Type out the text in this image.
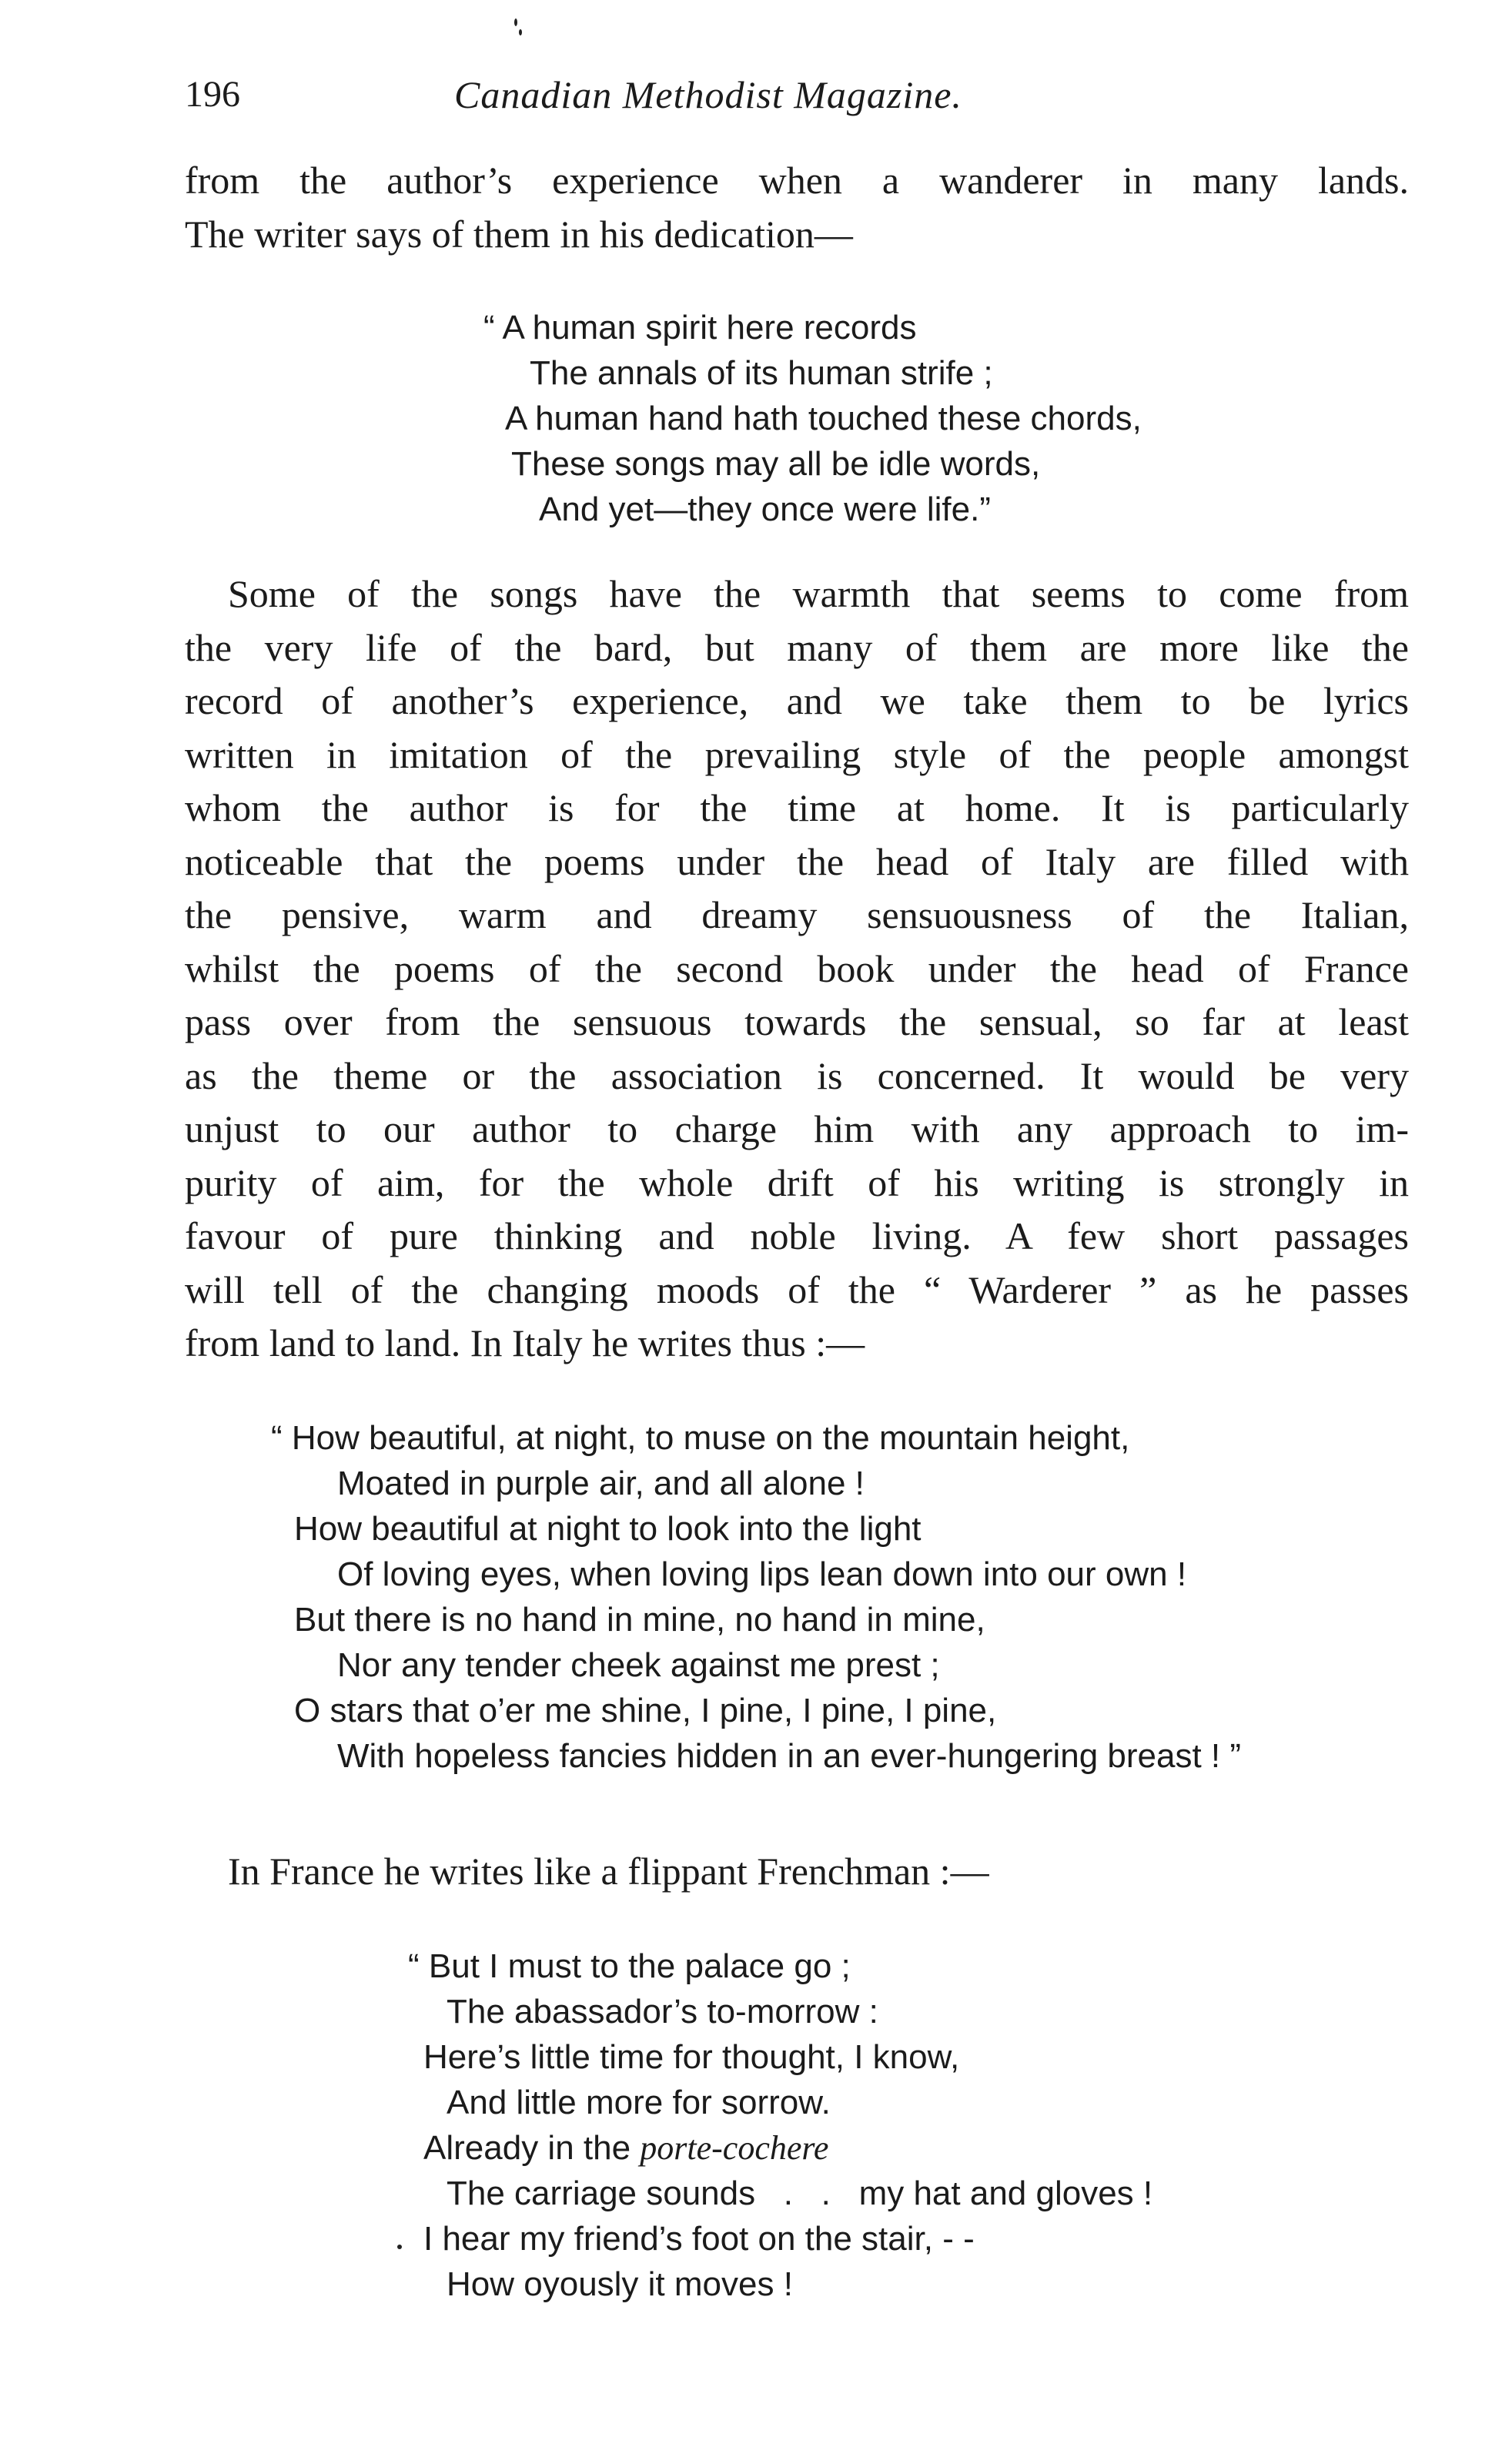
196	Canadian Methodist Magazine.
from the author’s experience when a wanderer in many lands.
The writer says of them in his dedication—
“ A human spirit here records
The annals of its human strife ;
A human hand hath touched these chords,
These songs may all be idle words,
And yet—they once were life.”
Some of the songs have the warmth that seems to come from
the very life of the bard, but many of them are more like the
record of another’s experience, and we take them to be lyrics
written in imitation of the prevailing style of the people amongst
whom the author is for the time at home. It is particularly
noticeable that the poems under the head of Italy are filled with
the pensive, warm and dreamy sensuousness of the Italian,
whilst the poems of the second book under the head of France
pass over from the sensuous towards the sensual, so far at least
as the theme or the association is concerned. It would be very
unjust to our author to charge him with any approach to im-
purity of aim, for the whole drift of his writing is strongly in
favour of pure thinking and noble living. A few short passages
will tell of the changing moods of the “ Warderer ” as he passes
from land to land. In Italy he writes thus :—
“ How beautiful, at night, to muse on the mountain height,
Moated in purple air, and all alone !
How beautiful at night to look into the light
Of loving eyes, when loving lips lean down into our own !
But there is no hand in mine, no hand in mine,
Nor any tender cheek against me prest ;
O stars that o’er me shine, I pine, I pine, I pine,
With hopeless fancies hidden in an ever-hungering breast ! ”
In France he writes like a flippant Frenchman :—
“ But I must to the palace go ;
The abassador’s to-morrow :
Here’s little time for thought, I know,
And little more for sorrow.
Already in the porte-cochere
The carriage sounds   .   .   my hat and gloves !
I hear my friend’s foot on the stair, - -
How oyously it moves !
